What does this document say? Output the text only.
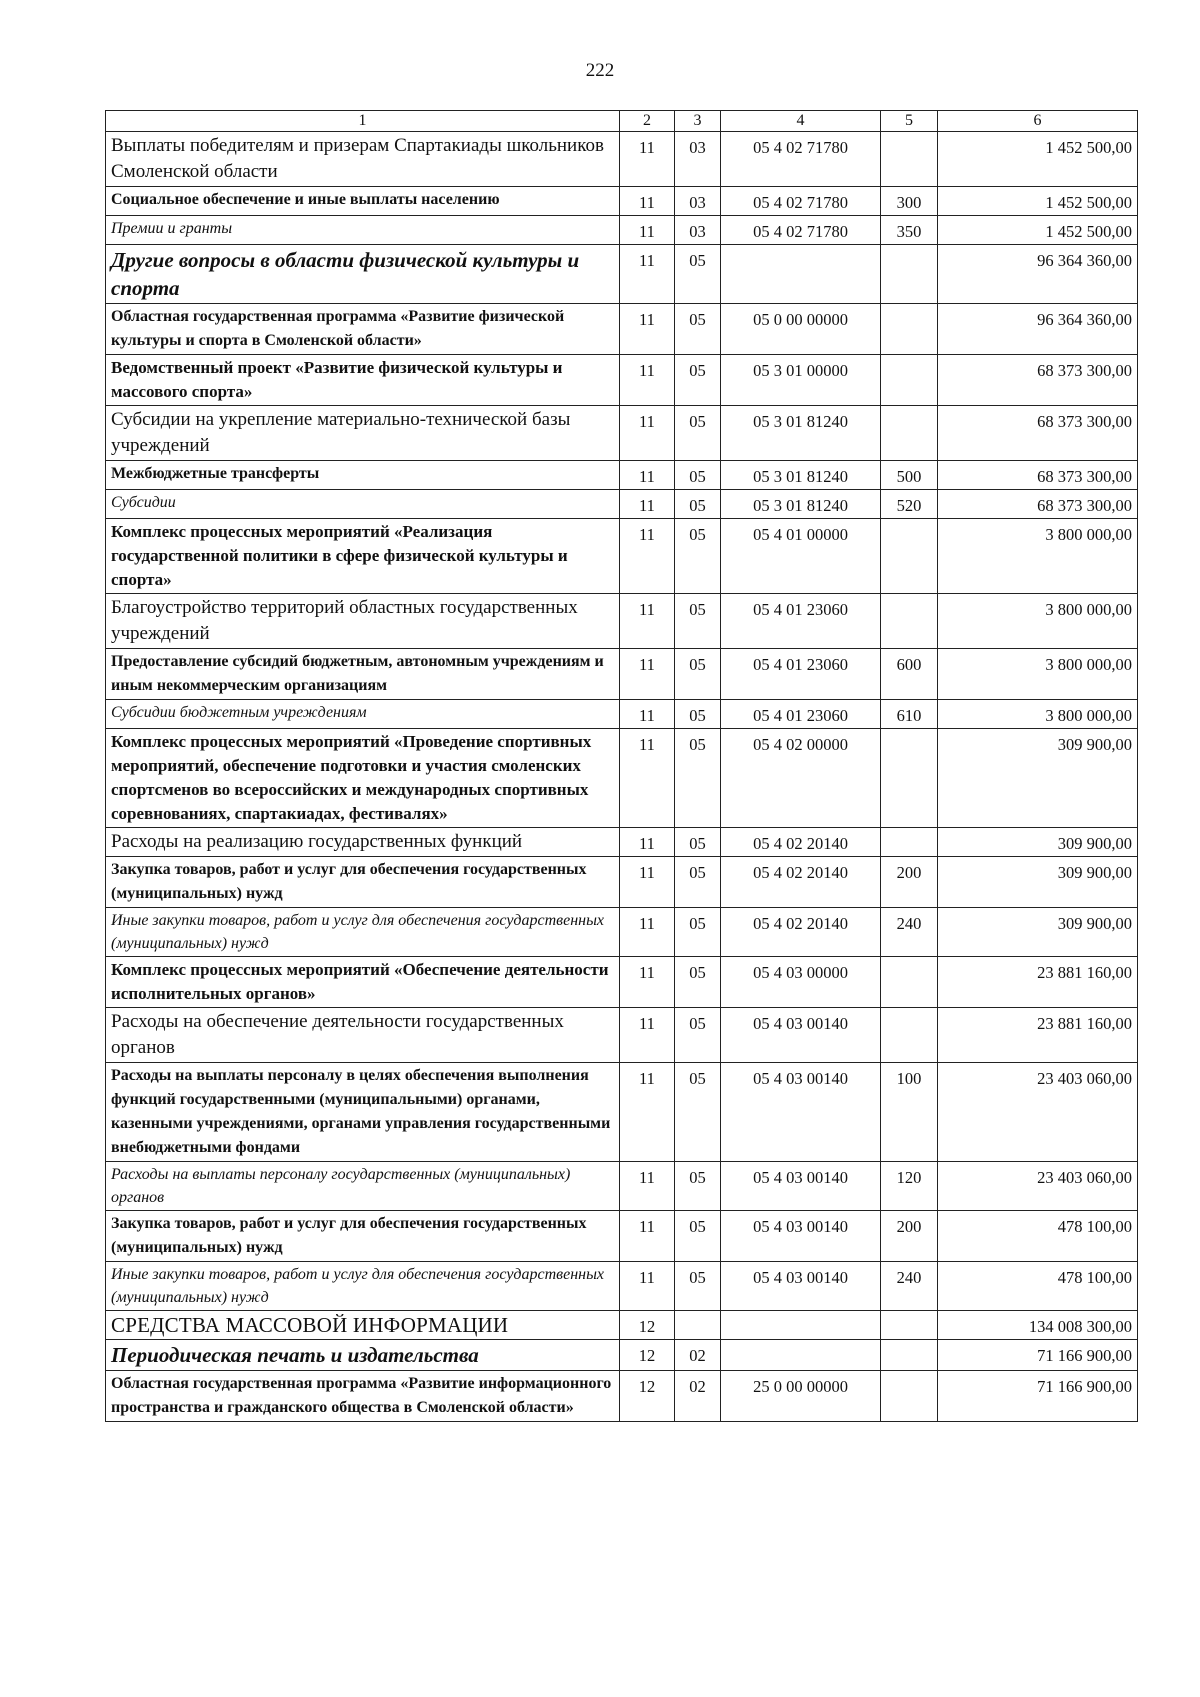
222
1	2	3	4	5	6
Выплаты победителям и призерам Спартакиады школьников Смоленской области	11	03	05 4 02 71780		1 452 500,00
Социальное обеспечение и иные выплаты населению	11	03	05 4 02 71780	300	1 452 500,00
Премии и гранты	11	03	05 4 02 71780	350	1 452 500,00
Другие вопросы в области физической культуры и спорта	11	05			96 364 360,00
Областная государственная программа «Развитие физической культуры и спорта в Смоленской области»	11	05	05 0 00 00000		96 364 360,00
Ведомственный проект «Развитие физической культуры и массового спорта»	11	05	05 3 01 00000		68 373 300,00
Субсидии на укрепление материально-технической базы учреждений	11	05	05 3 01 81240		68 373 300,00
Межбюджетные трансферты	11	05	05 3 01 81240	500	68 373 300,00
Субсидии	11	05	05 3 01 81240	520	68 373 300,00
Комплекс процессных мероприятий «Реализация государственной политики в сфере физической культуры и спорта»	11	05	05 4 01 00000		3 800 000,00
Благоустройство территорий областных государственных учреждений	11	05	05 4 01 23060		3 800 000,00
Предоставление субсидий бюджетным, автономным учреждениям и иным некоммерческим организациям	11	05	05 4 01 23060	600	3 800 000,00
Субсидии бюджетным учреждениям	11	05	05 4 01 23060	610	3 800 000,00
Комплекс процессных мероприятий «Проведение спортивных мероприятий, обеспечение подготовки и участия смоленских спортсменов во всероссийских и международных спортивных соревнованиях, спартакиадах, фестивалях»	11	05	05 4 02 00000		309 900,00
Расходы на реализацию государственных функций	11	05	05 4 02 20140		309 900,00
Закупка товаров, работ и услуг для обеспечения государственных (муниципальных) нужд	11	05	05 4 02 20140	200	309 900,00
Иные закупки товаров, работ и услуг для обеспечения государственных (муниципальных) нужд	11	05	05 4 02 20140	240	309 900,00
Комплекс процессных мероприятий «Обеспечение деятельности исполнительных органов»	11	05	05 4 03 00000		23 881 160,00
Расходы на обеспечение деятельности государственных органов	11	05	05 4 03 00140		23 881 160,00
Расходы на выплаты персоналу в целях обеспечения выполнения функций государственными (муниципальными) органами, казенными учреждениями, органами управления государственными внебюджетными фондами	11	05	05 4 03 00140	100	23 403 060,00
Расходы на выплаты персоналу государственных (муниципальных) органов	11	05	05 4 03 00140	120	23 403 060,00
Закупка товаров, работ и услуг для обеспечения государственных (муниципальных) нужд	11	05	05 4 03 00140	200	478 100,00
Иные закупки товаров, работ и услуг для обеспечения государственных (муниципальных) нужд	11	05	05 4 03 00140	240	478 100,00
СРЕДСТВА МАССОВОЙ ИНФОРМАЦИИ	12				134 008 300,00
Периодическая печать и издательства	12	02			71 166 900,00
Областная государственная программа «Развитие информационного пространства и гражданского общества в Смоленской области»	12	02	25 0 00 00000		71 166 900,00
